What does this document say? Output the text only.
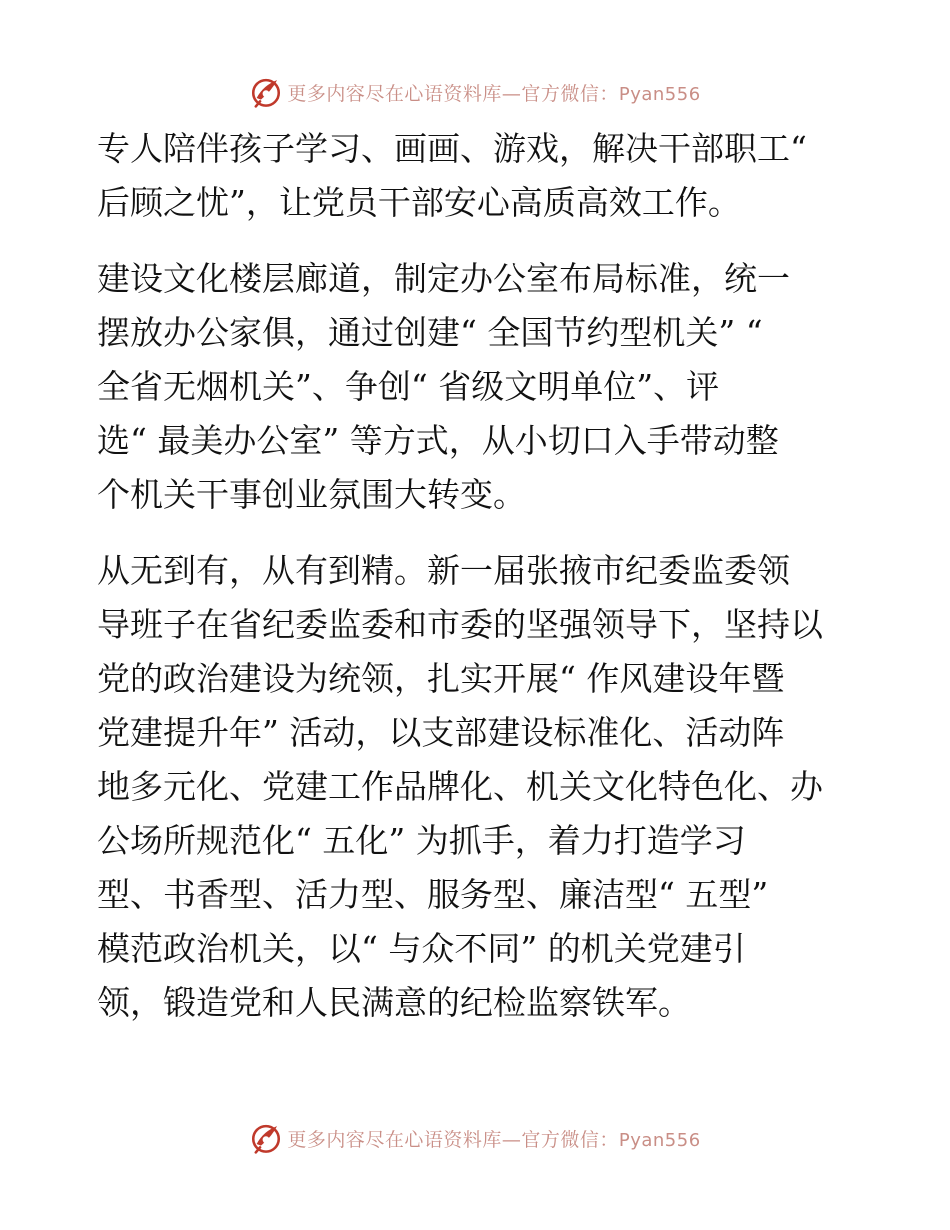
更多内容尽在心语资料库—官方微信：Pyan556
专人陪伴孩子学习、画画、游戏，解决干部职工“
后顾之忧”，让党员干部安心高质高效工作。
建设文化楼层廊道，制定办公室布局标准，统一
摆放办公家俱，通过创建“ 全国节约型机关” “
全省无烟机关”、争创“ 省级文明单位”、评
选“ 最美办公室” 等方式，从小切口入手带动整
个机关干事创业氛围大转变。
从无到有，从有到精。新一届张掖市纪委监委领
导班子在省纪委监委和市委的坚强领导下，坚持以
党的政治建设为统领，扎实开展“ 作风建设年暨
党建提升年” 活动，以支部建设标准化、活动阵
地多元化、党建工作品牌化、机关文化特色化、办
公场所规范化“ 五化” 为抓手，着力打造学习
型、书香型、活力型、服务型、廉洁型“ 五型”
模范政治机关，以“ 与众不同” 的机关党建引
领，锻造党和人民满意的纪检监察铁军。
更多内容尽在心语资料库—官方微信：Pyan556
